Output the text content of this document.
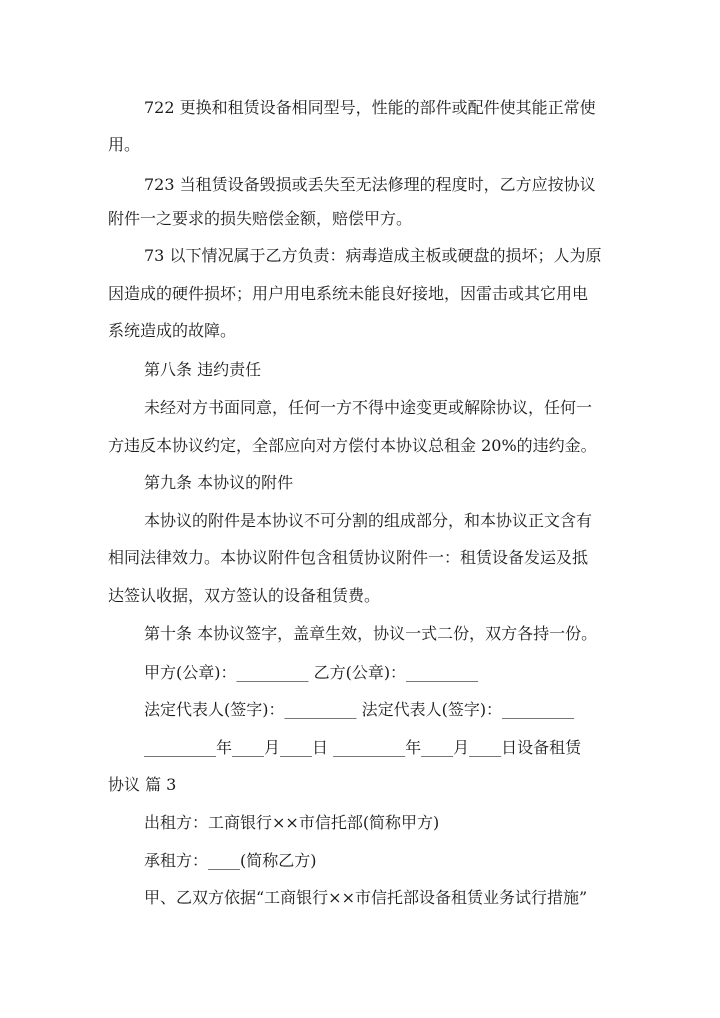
722 更换和租赁设备相同型号，性能的部件或配件使其能正常使
用。
723 当租赁设备毁损或丢失至无法修理的程度时，乙方应按协议
附件一之要求的损失赔偿金额，赔偿甲方。
73 以下情况属于乙方负责：病毒造成主板或硬盘的损坏；人为原
因造成的硬件损坏；用户用电系统未能良好接地，因雷击或其它用电
系统造成的故障。
第八条 违约责任
未经对方书面同意，任何一方不得中途变更或解除协议，任何一
方违反本协议约定，全部应向对方偿付本协议总租金 20%的违约金。
第九条 本协议的附件
本协议的附件是本协议不可分割的组成部分，和本协议正文含有
相同法律效力。本协议附件包含租赁协议附件一：租赁设备发运及抵
达签认收据，双方签认的设备租赁费。
第十条 本协议签字，盖章生效，协议一式二份，双方各持一份。
甲方(公章)：_________ 乙方(公章)：_________
法定代表人(签字)：_________ 法定代表人(签字)：_________
_________年____月____日 _________年____月____日设备租赁
协议 篇 3
出租方：工商银行××市信托部(简称甲方)
承租方：____(简称乙方)
甲、乙双方依据“工商银行××市信托部设备租赁业务试行措施”
